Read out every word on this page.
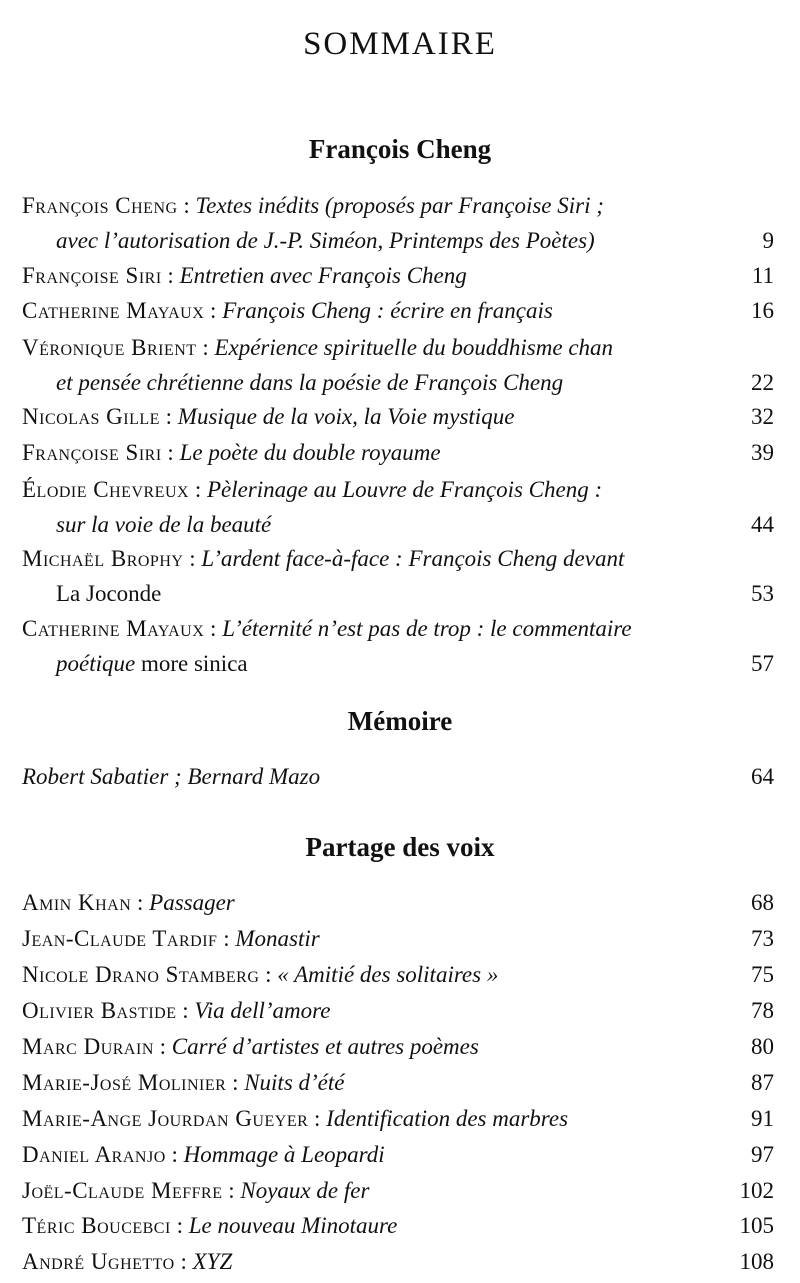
SOMMAIRE
François Cheng
François Cheng : Textes inédits (proposés par Françoise Siri ;
avec l’autorisation de J.-P. Siméon, Printemps des Poètes)	9
Françoise Siri : Entretien avec François Cheng	11
Catherine Mayaux : François Cheng : écrire en français	16
Véronique Brient : Expérience spirituelle du bouddhisme chan
et pensée chrétienne dans la poésie de François Cheng	22
Nicolas Gille : Musique de la voix, la Voie mystique	32
Françoise Siri : Le poète du double royaume	39
Élodie Chevreux : Pèlerinage au Louvre de François Cheng :
sur la voie de la beauté	44
Michaël Brophy : L’ardent face-à-face : François Cheng devant
La Joconde	53
Catherine Mayaux : L’éternité n’est pas de trop : le commentaire
poétique more sinica	57
Mémoire
Robert Sabatier ; Bernard Mazo	64
Partage des voix
Amin Khan : Passager	68
Jean-Claude Tardif : Monastir	73
Nicole Drano Stamberg : « Amitié des solitaires »	75
Olivier Bastide : Via dell’amore	78
Marc Durain : Carré d’artistes et autres poèmes	80
Marie-José Molinier : Nuits d’été	87
Marie-Ange Jourdan Gueyer : Identification des marbres	91
Daniel Aranjo : Hommage à Leopardi	97
Joël-Claude Meffre : Noyaux de fer	102
Téric Boucebci : Le nouveau Minotaure	105
André Ughetto : XYZ	108
